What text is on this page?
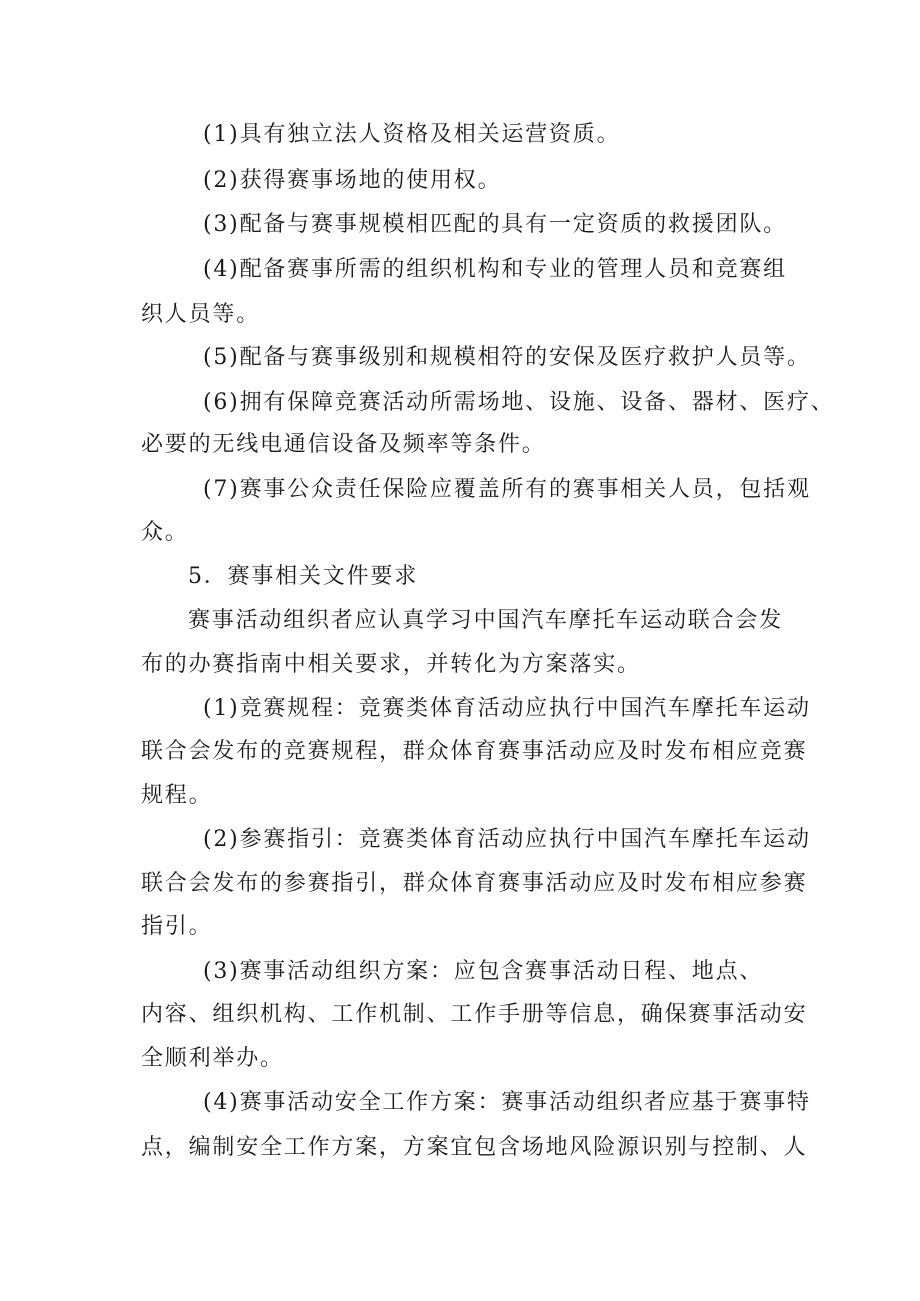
(1)具有独立法人资格及相关运营资质。
(2)获得赛事场地的使用权。
(3)配备与赛事规模相匹配的具有一定资质的救援团队。
(4)配备赛事所需的组织机构和专业的管理人员和竞赛组
织人员等。
(5)配备与赛事级别和规模相符的安保及医疗救护人员等。
(6)拥有保障竞赛活动所需场地、设施、设备、器材、医疗、
必要的无线电通信设备及频率等条件。
(7)赛事公众责任保险应覆盖所有的赛事相关人员，包括观
众。
5．赛事相关文件要求
赛事活动组织者应认真学习中国汽车摩托车运动联合会发
布的办赛指南中相关要求，并转化为方案落实。
(1)竞赛规程：竞赛类体育活动应执行中国汽车摩托车运动
联合会发布的竞赛规程，群众体育赛事活动应及时发布相应竞赛
规程。
(2)参赛指引：竞赛类体育活动应执行中国汽车摩托车运动
联合会发布的参赛指引，群众体育赛事活动应及时发布相应参赛
指引。
(3)赛事活动组织方案：应包含赛事活动日程、地点、
内容、组织机构、工作机制、工作手册等信息，确保赛事活动安
全顺利举办。
(4)赛事活动安全工作方案：赛事活动组织者应基于赛事特
点，编制安全工作方案，方案宜包含场地风险源识别与控制、人
